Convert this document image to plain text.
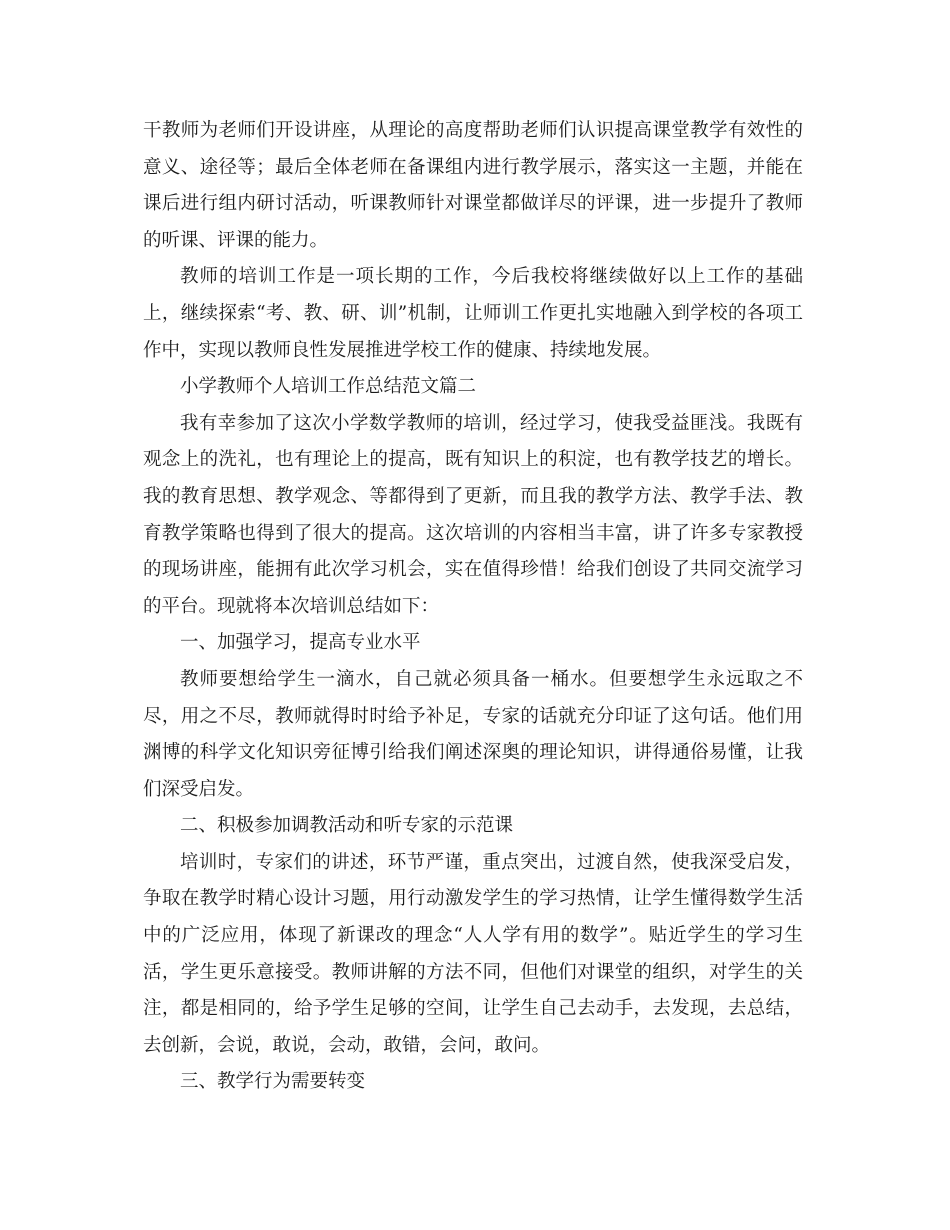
干教师为老师们开设讲座，从理论的高度帮助老师们认识提高课堂教学有效性的意义、途径等；最后全体老师在备课组内进行教学展示，落实这一主题，并能在课后进行组内研讨活动，听课教师针对课堂都做详尽的评课，进一步提升了教师的听课、评课的能力。

教师的培训工作是一项长期的工作，今后我校将继续做好以上工作的基础上，继续探索“考、教、研、训”机制，让师训工作更扎实地融入到学校的各项工作中，实现以教师良性发展推进学校工作的健康、持续地发展。

小学教师个人培训工作总结范文篇二

我有幸参加了这次小学数学教师的培训，经过学习，使我受益匪浅。我既有观念上的洗礼，也有理论上的提高，既有知识上的积淀，也有教学技艺的增长。我的教育思想、教学观念、等都得到了更新，而且我的教学方法、教学手法、教育教学策略也得到了很大的提高。这次培训的内容相当丰富，讲了许多专家教授的现场讲座，能拥有此次学习机会，实在值得珍惜！给我们创设了共同交流学习的平台。现就将本次培训总结如下：

一、加强学习，提高专业水平

教师要想给学生一滴水，自己就必须具备一桶水。但要想学生永远取之不尽，用之不尽，教师就得时时给予补足，专家的话就充分印证了这句话。他们用渊博的科学文化知识旁征博引给我们阐述深奥的理论知识，讲得通俗易懂，让我们深受启发。

二、积极参加调教活动和听专家的示范课

培训时，专家们的讲述，环节严谨，重点突出，过渡自然，使我深受启发，争取在教学时精心设计习题，用行动激发学生的学习热情，让学生懂得数学生活中的广泛应用，体现了新课改的理念“人人学有用的数学”。贴近学生的学习生活，学生更乐意接受。教师讲解的方法不同，但他们对课堂的组织，对学生的关注，都是相同的，给予学生足够的空间，让学生自己去动手，去发现，去总结，去创新，会说，敢说，会动，敢错，会问，敢问。

三、教学行为需要转变
